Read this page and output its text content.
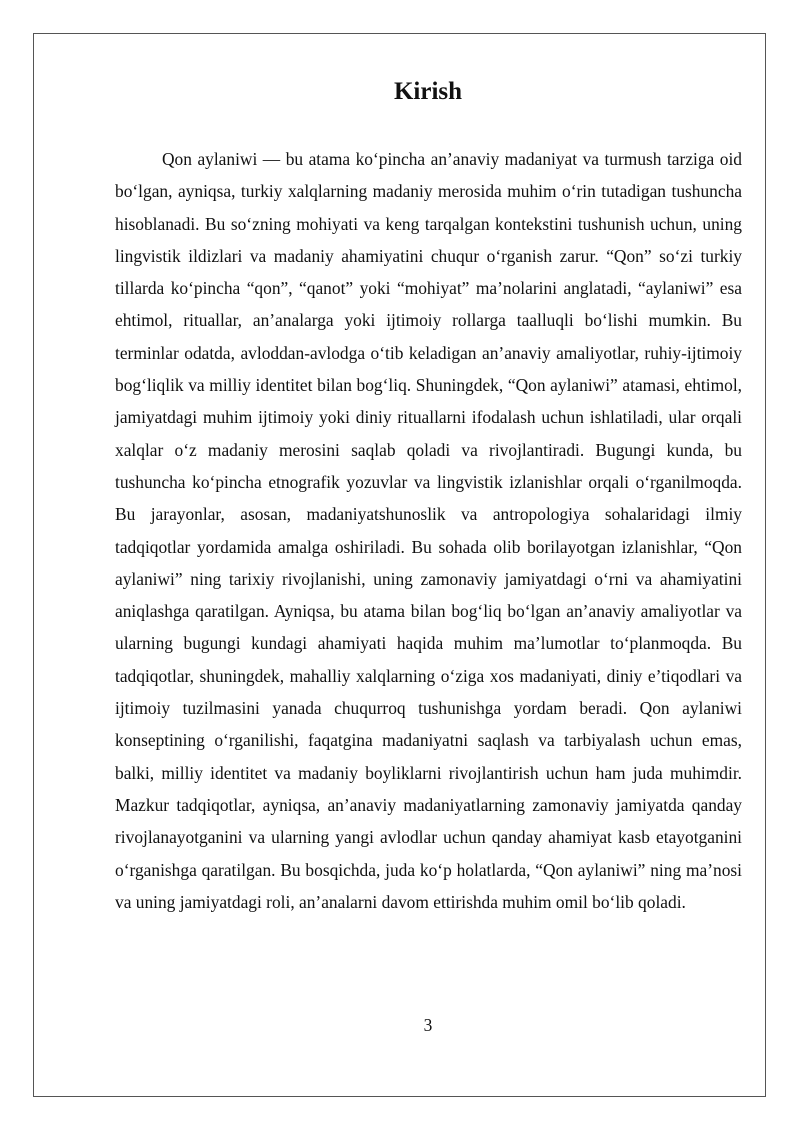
Kirish

Qon aylaniwi — bu atama ko‘pincha an’anaviy madaniyat va turmush tarziga oid bo‘lgan, ayniqsa, turkiy xalqlarning madaniy merosida muhim o‘rin tutadigan tushuncha hisoblanadi. Bu so‘zning mohiyati va keng tarqalgan kontekstini tushunish uchun, uning lingvistik ildizlari va madaniy ahamiyatini chuqur o‘rganish zarur. “Qon” so‘zi turkiy tillarda ko‘pincha “qon”, “qanot” yoki “mohiyat” ma’nolarini anglatadi, “aylaniwi” esa ehtimol, rituallar, an’analarga yoki ijtimoiy rollarga taalluqli bo‘lishi mumkin. Bu terminlar odatda, avloddan-avlodga o‘tib keladigan an’anaviy amaliyotlar, ruhiy-ijtimoiy bog‘liqlik va milliy identitet bilan bog‘liq. Shuningdek, “Qon aylaniwi” atamasi, ehtimol, jamiyatdagi muhim ijtimoiy yoki diniy rituallarni ifodalash uchun ishlatiladi, ular orqali xalqlar o‘z madaniy merosini saqlab qoladi va rivojlantiradi. Bugungi kunda, bu tushuncha ko‘pincha etnografik yozuvlar va lingvistik izlanishlar orqali o‘rganilmoqda. Bu jarayonlar, asosan, madaniyatshunoslik va antropologiya sohalaridagi ilmiy tadqiqotlar yordamida amalga oshiriladi. Bu sohada olib borilayotgan izlanishlar, “Qon aylaniwi” ning tarixiy rivojlanishi, uning zamonaviy jamiyatdagi o‘rni va ahamiyatini aniqlashga qaratilgan. Ayniqsa, bu atama bilan bog‘liq bo‘lgan an’anaviy amaliyotlar va ularning bugungi kundagi ahamiyati haqida muhim ma’lumotlar to‘planmoqda. Bu tadqiqotlar, shuningdek, mahalliy xalqlarning o‘ziga xos madaniyati, diniy e’tiqodlari va ijtimoiy tuzilmasini yanada chuqurroq tushunishga yordam beradi. Qon aylaniwi konseptining o‘rganilishi, faqatgina madaniyatni saqlash va tarbiyalash uchun emas, balki, milliy identitet va madaniy boyliklarni rivojlantirish uchun ham juda muhimdir. Mazkur tadqiqotlar, ayniqsa, an’anaviy madaniyatlarning zamonaviy jamiyatda qanday rivojlanayotganini va ularning yangi avlodlar uchun qanday ahamiyat kasb etayotganini o‘rganishga qaratilgan. Bu bosqichda, juda ko‘p holatlarda, “Qon aylaniwi” ning ma’nosi va uning jamiyatdagi roli, an’analarni davom ettirishda muhim omil bo‘lib qoladi.

3
